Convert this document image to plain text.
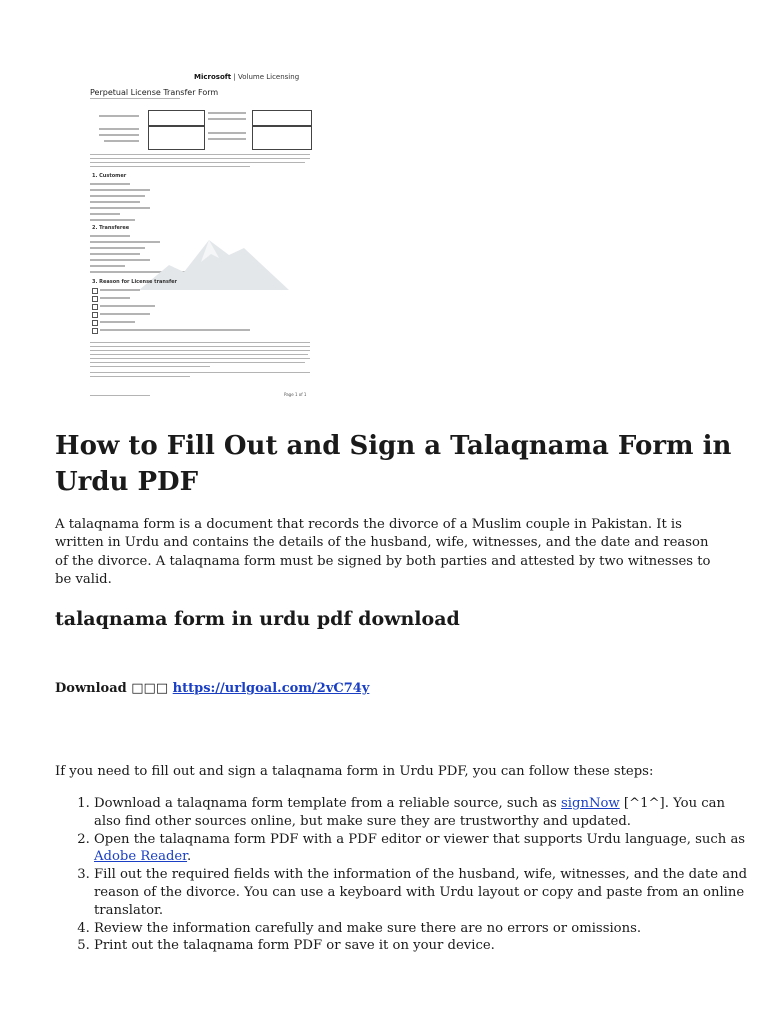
Microsoft | Volume Licensing
Perpetual License Transfer Form
1. Customer
2. Transferee
3. Reason for License transfer
Page 1 of 1
How to Fill Out and Sign a Talaqnama Form in Urdu PDF

A talaqnama form is a document that records the divorce of a Muslim couple in Pakistan. It is written in Urdu and contains the details of the husband, wife, witnesses, and the date and reason of the divorce. A talaqnama form must be signed by both parties and attested by two witnesses to be valid.

talaqnama form in urdu pdf download

Download □□□ https://urlgoal.com/2vC74y

If you need to fill out and sign a talaqnama form in Urdu PDF, you can follow these steps:

1. Download a talaqnama form template from a reliable source, such as signNow [^1^]. You can also find other sources online, but make sure they are trustworthy and updated.
2. Open the talaqnama form PDF with a PDF editor or viewer that supports Urdu language, such as Adobe Reader.
3. Fill out the required fields with the information of the husband, wife, witnesses, and the date and reason of the divorce. You can use a keyboard with Urdu layout or copy and paste from an online translator.
4. Review the information carefully and make sure there are no errors or omissions.
5. Print out the talaqnama form PDF or save it on your device.
